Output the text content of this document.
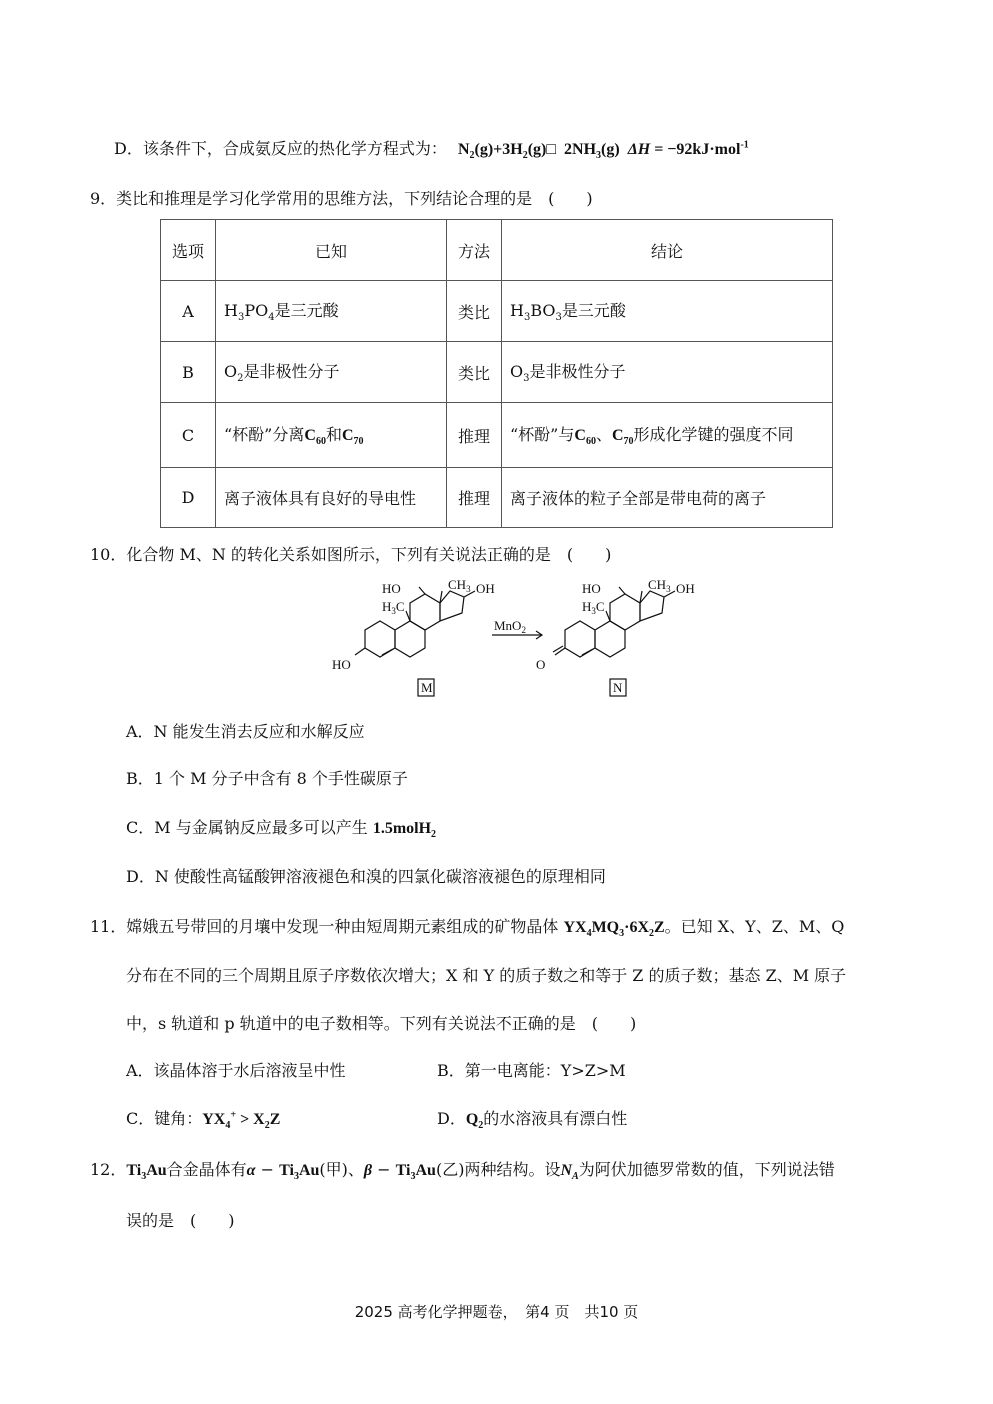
D．该条件下，合成氨反应的热化学方程式为： $N_2(g)+3H_2(g)□$ $2NH_3(g) \Delta H = -92kJ\cdot mol^{-1}$
9．类比和推理是学习化学常用的思维方法，下列结论合理的是　(　　)
选项	已知	方法	结论
A	$H_3PO_4$是三元酸	类比	$H_3BO_3$是三元酸
B	$O_2$是非极性分子	类比	$O_3$是非极性分子
C	“杯酚”分离$C_{60}$和$C_{70}$	推理	“杯酚”与$C_{60}$、$C_{70}$形成化学键的强度不同
D	离子液体具有良好的导电性	推理	离子液体的粒子全部是带电荷的离子
10．化合物 M、N 的转化关系如图所示，下列有关说法正确的是　(　　)
HO
HO
$H_3C$
$CH_3$ OH
MnO$_2$
O
HO
$H_3C$
$CH_3$ OH
M	N
A．N 能发生消去反应和水解反应
B．1 个 M 分子中含有 8 个手性碳原子
C．M 与金属钠反应最多可以产生 1.5molH$_2$
D．N 使酸性高锰酸钾溶液褪色和溴的四氯化碳溶液褪色的原理相同
11．嫦娥五号带回的月壤中发现一种由短周期元素组成的矿物晶体 $YX_4MQ_3\cdot 6X_2Z$。已知 X、Y、Z、M、Q
分布在不同的三个周期且原子序数依次增大；X 和 Y 的质子数之和等于 Z 的质子数；基态 Z、M 原子
中，s 轨道和 p 轨道中的电子数相等。下列有关说法不正确的是　(　　)
A．该晶体溶于水后溶液呈中性	B．第一电离能：Y>Z>M
C．键角：$YX_4^+ > X_2Z$	D．$Q_2$的水溶液具有漂白性
12．$Ti_3Au$合金晶体有$\alpha - Ti_3Au$(甲)、$\beta - Ti_3Au$(乙)两种结构。设$N_A$为阿伏加德罗常数的值，下列说法错
误的是　(　　)
2025 高考化学押题卷，　第4 页　共10 页
